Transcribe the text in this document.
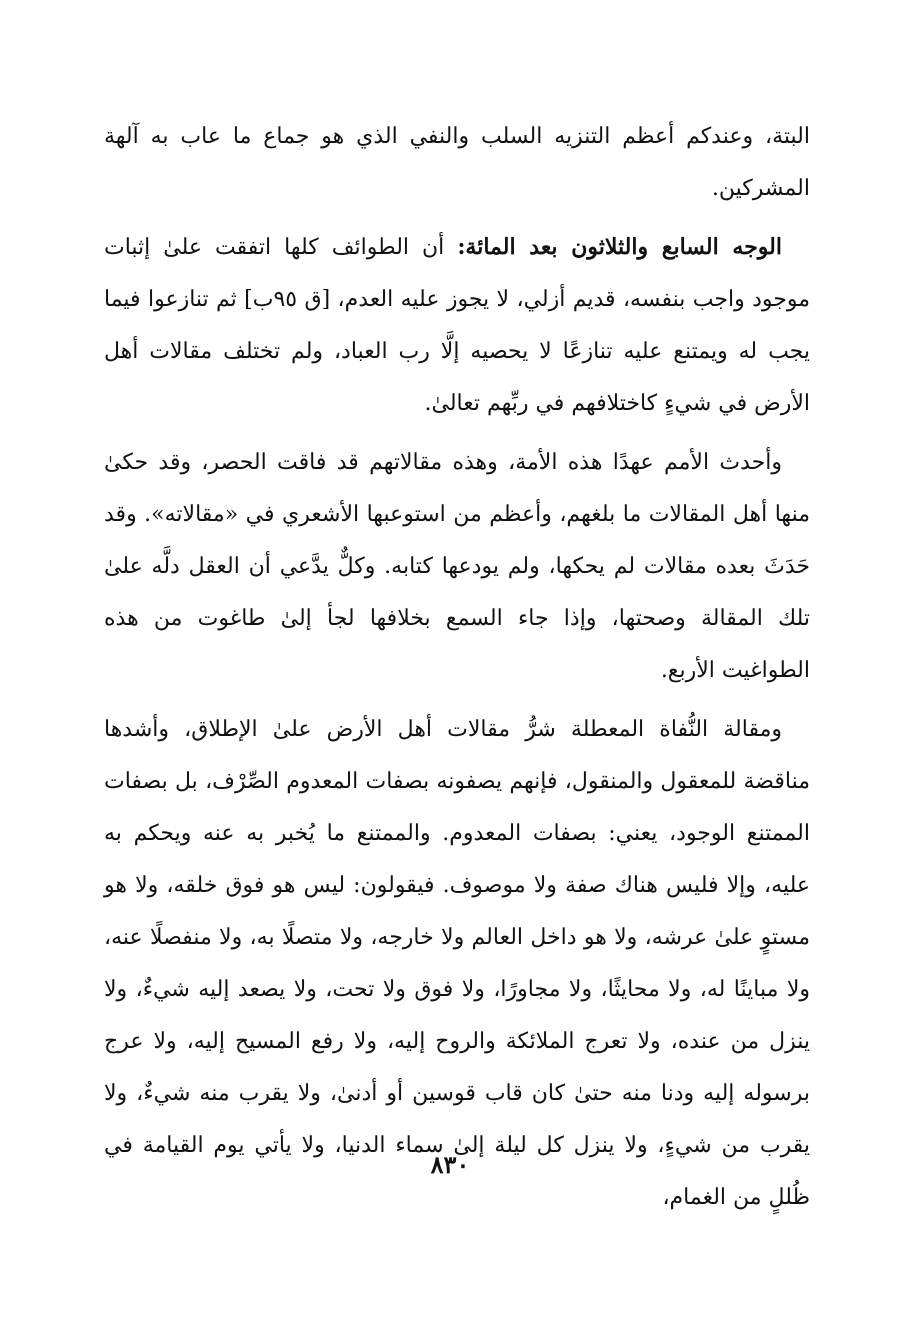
البتة، وعندكم أعظم التنزيه السلب والنفي الذي هو جماع ما عاب به آلهة المشركين.

الوجه السابع والثلاثون بعد المائة: أن الطوائف كلها اتفقت علىٰ إثبات موجود واجب بنفسه، قديم أزلي، لا يجوز عليه العدم، [ق ٩٥ب] ثم تنازعوا فيما يجب له ويمتنع عليه تنازعًا لا يحصيه إلَّا رب العباد، ولم تختلف مقالات أهل الأرض في شيءٍ كاختلافهم في ربِّهم تعالىٰ.

وأحدث الأمم عهدًا هذه الأمة، وهذه مقالاتهم قد فاقت الحصر، وقد حكىٰ منها أهل المقالات ما بلغهم، وأعظم من استوعبها الأشعري في «مقالاته». وقد حَدَثَ بعده مقالات لم يحكها، ولم يودعها كتابه. وكلٌّ يدَّعي أن العقل دلَّه علىٰ تلك المقالة وصحتها، وإذا جاء السمع بخلافها لجأ إلىٰ طاغوت من هذه الطواغيت الأربع.

ومقالة النُّفاة المعطلة شرُّ مقالات أهل الأرض علىٰ الإطلاق، وأشدها مناقضة للمعقول والمنقول، فإنهم يصفونه بصفات المعدوم الصِّرْف، بل بصفات الممتنع الوجود، يعني: بصفات المعدوم. والممتنع ما يُخبر به عنه ويحكم به عليه، وإلا فليس هناك صفة ولا موصوف. فيقولون: ليس هو فوق خلقه، ولا هو مستوٍ علىٰ عرشه، ولا هو داخل العالم ولا خارجه، ولا متصلًا به، ولا منفصلًا عنه، ولا مباينًا له، ولا محايثًا، ولا مجاورًا، ولا فوق ولا تحت، ولا يصعد إليه شيءٌ، ولا ينزل من عنده، ولا تعرج الملائكة والروح إليه، ولا رفع المسيح إليه، ولا عرج برسوله إليه ودنا منه حتىٰ كان قاب قوسين أو أدنىٰ، ولا يقرب منه شيءٌ، ولا يقرب من شيءٍ، ولا ينزل كل ليلة إلىٰ سماء الدنيا، ولا يأتي يوم القيامة في ظُللٍ من الغمام،

٨٣٠
